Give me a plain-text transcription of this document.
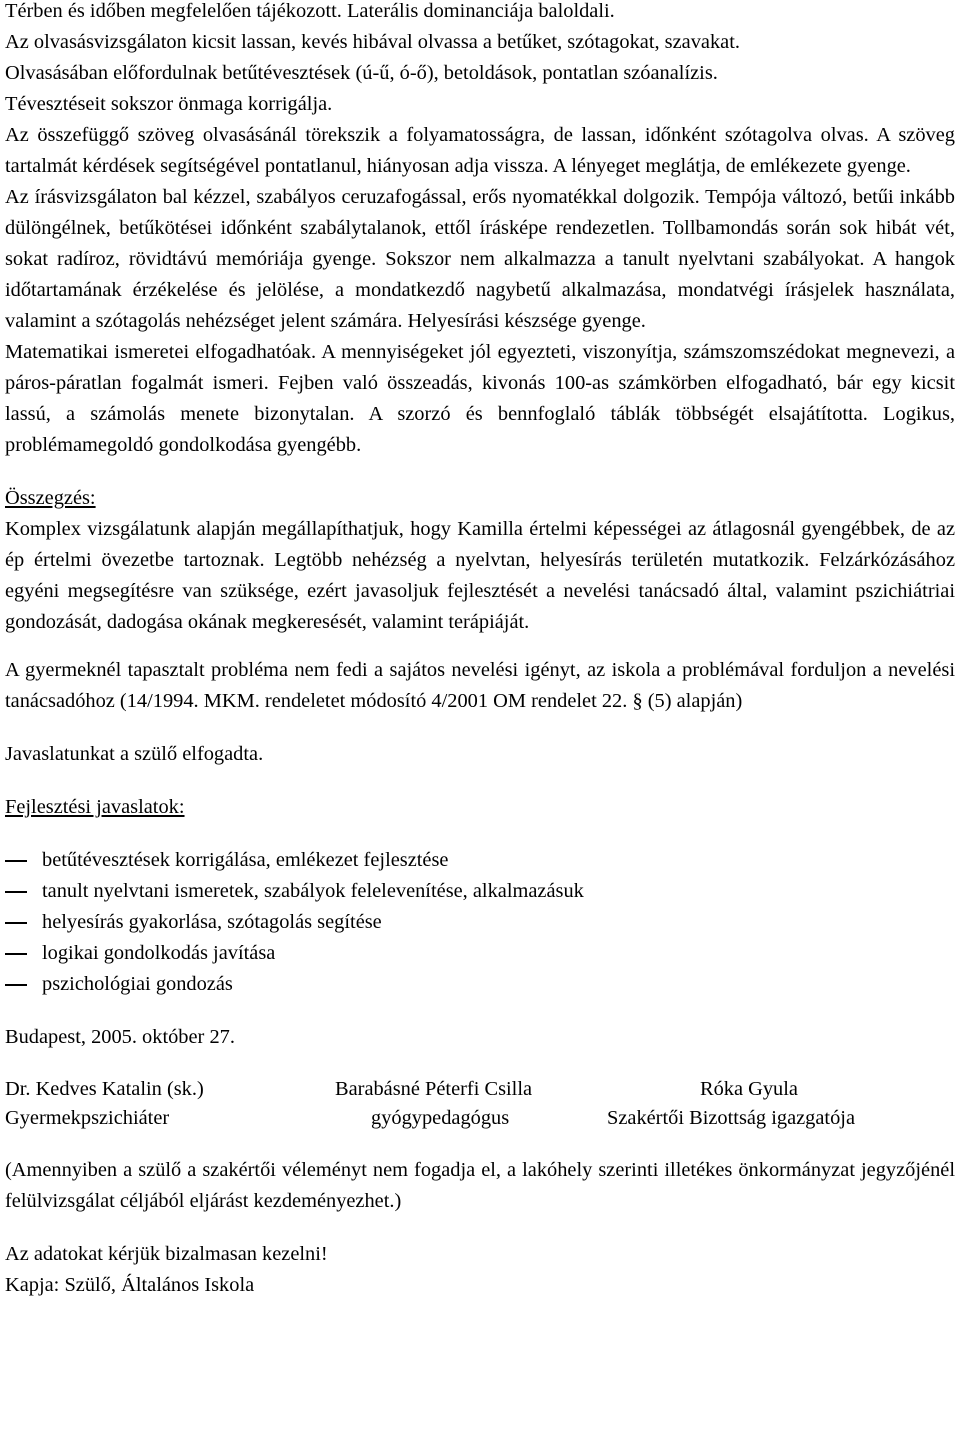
Térben és időben megfelelően tájékozott. Laterális dominanciája baloldali.

Az olvasásvizsgálaton kicsit lassan, kevés hibával olvassa a betűket, szótagokat, szavakat.

Olvasásában előfordulnak betűtévesztések (ú-ű, ó-ő), betoldások, pontatlan szóanalízis.

Tévesztéseit sokszor önmaga korrigálja.

Az összefüggő szöveg olvasásánál törekszik a folyamatosságra, de lassan, időnként szótagolva olvas. A szöveg tartalmát kérdések segítségével pontatlanul, hiányosan adja vissza. A lényeget meglátja, de emlékezete gyenge.

Az írásvizsgálaton bal kézzel, szabályos ceruzafogással, erős nyomatékkal dolgozik. Tempója változó, betűi inkább dülöngélnek, betűkötései időnként szabálytalanok, ettől írásképe rendezetlen. Tollbamondás során sok hibát vét, sokat radíroz, rövidtávú memóriája gyenge. Sokszor nem alkalmazza a tanult nyelvtani szabályokat. A hangok időtartamának érzékelése és jelölése, a mondatkezdő nagybetű alkalmazása, mondatvégi írásjelek használata, valamint a szótagolás nehézséget jelent számára. Helyesírási készsége gyenge.

Matematikai ismeretei elfogadhatóak. A mennyiségeket jól egyezteti, viszonyítja, számszomszédokat megnevezi, a páros-páratlan fogalmát ismeri. Fejben való összeadás, kivonás 100-as számkörben elfogadható, bár egy kicsit lassú, a számolás menete bizonytalan. A szorzó és bennfoglaló táblák többségét elsajátította. Logikus, problémamegoldó gondolkodása gyengébb.

Összegzés:

Komplex vizsgálatunk alapján megállapíthatjuk, hogy Kamilla értelmi képességei az átlagosnál gyengébbek, de az ép értelmi övezetbe tartoznak. Legtöbb nehézség a nyelvtan, helyesírás területén mutatkozik. Felzárkózásához egyéni megsegítésre van szüksége, ezért javasoljuk fejlesztését a nevelési tanácsadó által, valamint pszichiátriai gondozását, dadogása okának megkeresését, valamint terápiáját.

A gyermeknél tapasztalt probléma nem fedi a sajátos nevelési igényt, az iskola a problémával forduljon a nevelési tanácsadóhoz (14/1994. MKM. rendeletet módosító 4/2001 OM rendelet 22. § (5) alapján)

Javaslatunkat a szülő elfogadta.

Fejlesztési javaslatok:

betűtévesztések korrigálása, emlékezet fejlesztése
tanult nyelvtani ismeretek, szabályok felelevenítése, alkalmazásuk
helyesírás gyakorlása, szótagolás segítése
logikai gondolkodás javítása
pszichológiai gondozás

Budapest, 2005. október 27.

Dr. Kedves Katalin (sk.)	Barabásné Péterfi Csilla	Róka Gyula
Gyermekpszichiáter	gyógypedagógus	Szakértői Bizottság igazgatója

(Amennyiben a szülő a szakértői véleményt nem fogadja el, a lakóhely szerinti illetékes önkormányzat jegyzőjénél felülvizsgálat céljából eljárást kezdeményezhet.)

Az adatokat kérjük bizalmasan kezelni!

Kapja: Szülő, Általános Iskola
